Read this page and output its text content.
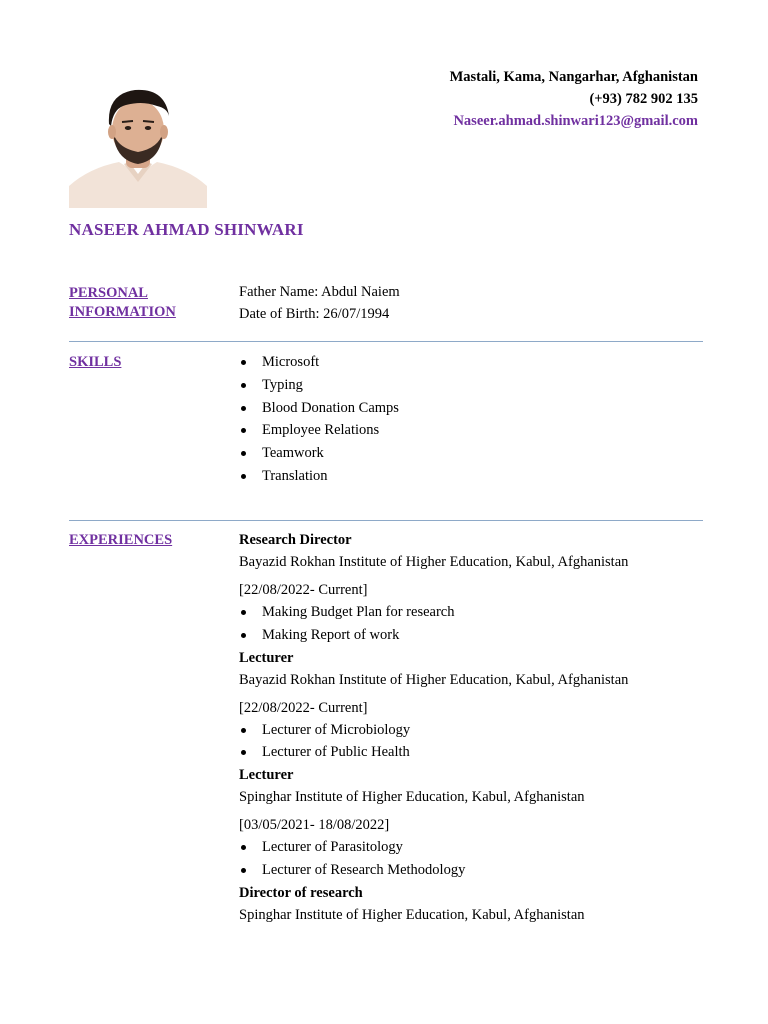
Mastali, Kama, Nangarhar, Afghanistan
(+93) 782 902 135
Naseer.ahmad.shinwari123@gmail.com
NASEER AHMAD SHINWARI
PERSONAL INFORMATION
Father Name: Abdul Naiem
Date of Birth: 26/07/1994
SKILLS	Microsoft
Typing
Blood Donation Camps
Employee Relations
Teamwork
Translation
EXPERIENCES	Research Director
Bayazid Rokhan Institute of Higher Education, Kabul, Afghanistan
[22/08/2022- Current]
Making Budget Plan for research
Making Report of work
Lecturer
Bayazid Rokhan Institute of Higher Education, Kabul, Afghanistan
[22/08/2022- Current]
Lecturer of Microbiology
Lecturer of Public Health
Lecturer
Spinghar Institute of Higher Education, Kabul, Afghanistan
[03/05/2021- 18/08/2022]
Lecturer of Parasitology
Lecturer of Research Methodology
Director of research
Spinghar Institute of Higher Education, Kabul, Afghanistan
